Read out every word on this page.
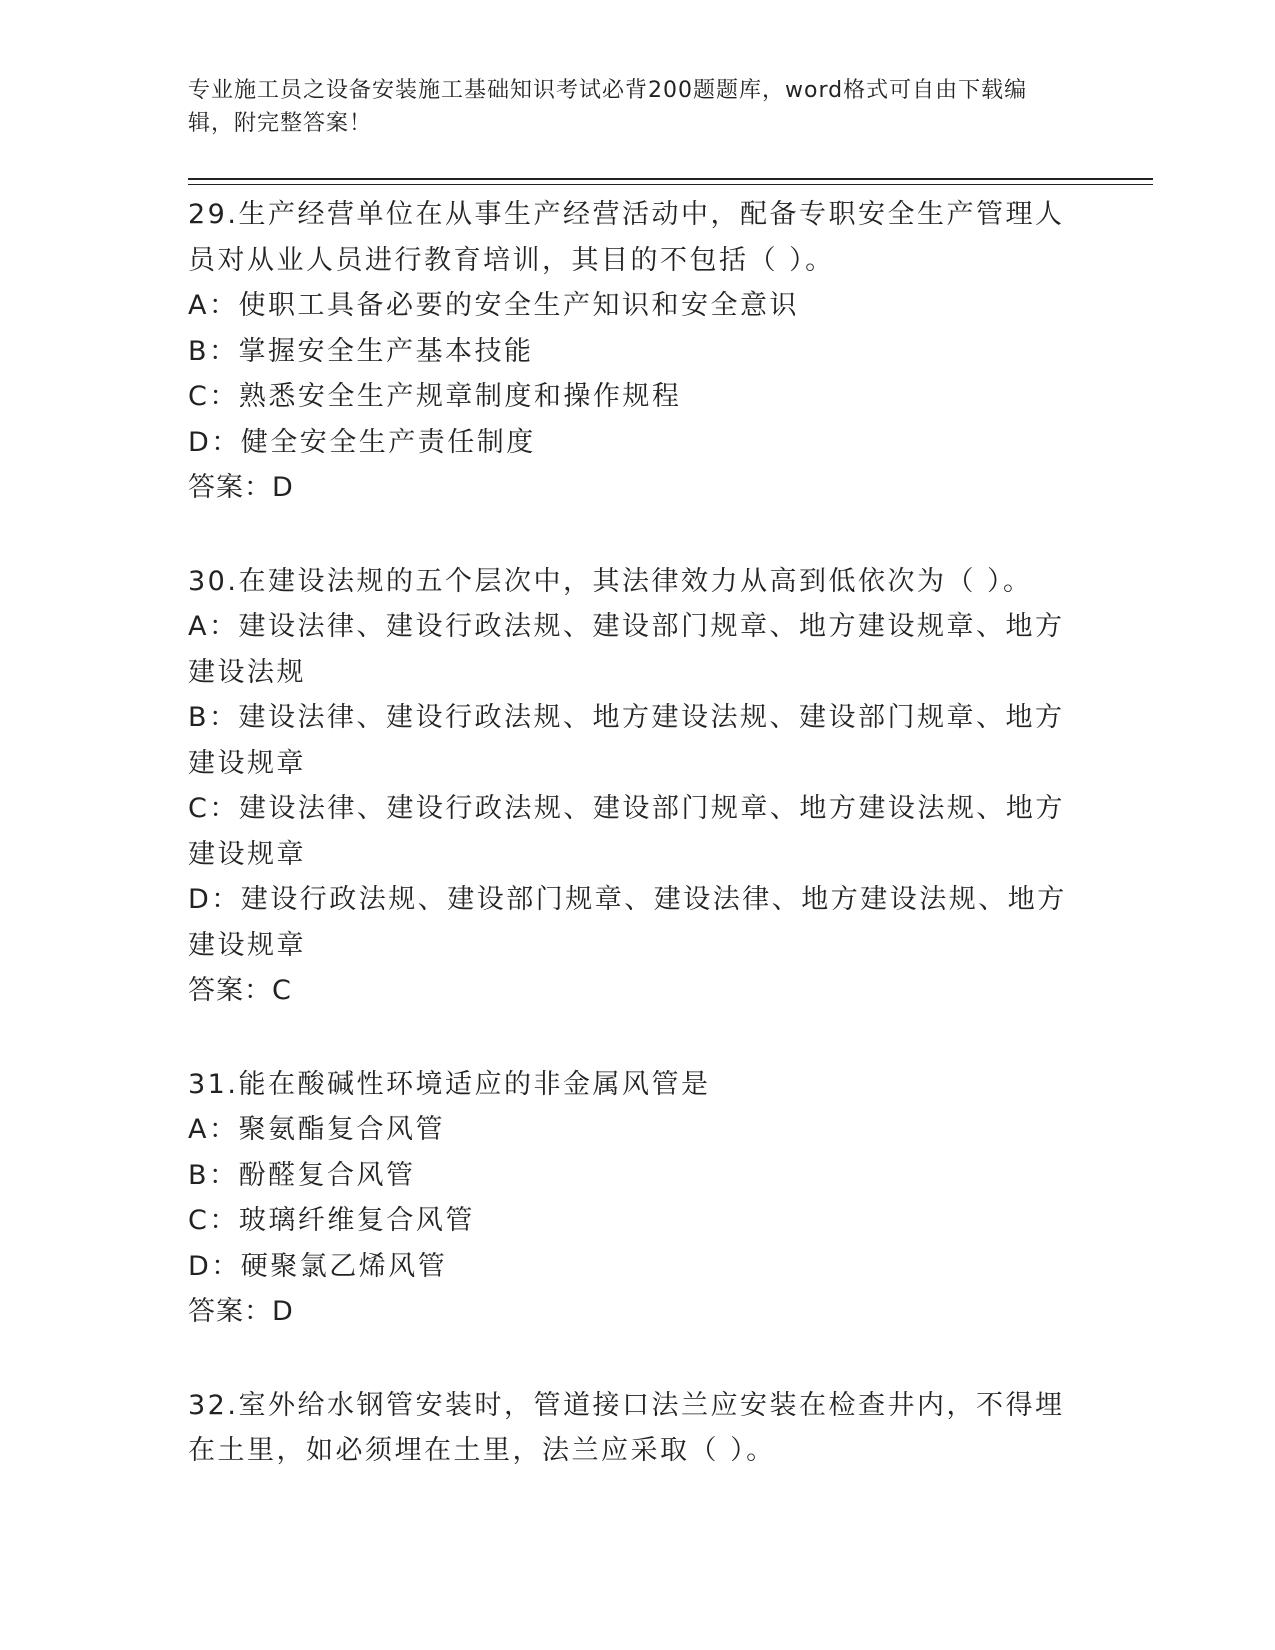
专业施工员之设备安装施工基础知识考试必背200题题库，word格式可自由下载编辑，附完整答案！
29.生产经营单位在从事生产经营活动中，配备专职安全生产管理人员对从业人员进行教育培训，其目的不包括（ ）。
A：使职工具备必要的安全生产知识和安全意识
B：掌握安全生产基本技能
C：熟悉安全生产规章制度和操作规程
D：健全安全生产责任制度
答案：D
30.在建设法规的五个层次中，其法律效力从高到低依次为（ ）。
A：建设法律、建设行政法规、建设部门规章、地方建设规章、地方建设法规
B：建设法律、建设行政法规、地方建设法规、建设部门规章、地方建设规章
C：建设法律、建设行政法规、建设部门规章、地方建设法规、地方建设规章
D：建设行政法规、建设部门规章、建设法律、地方建设法规、地方建设规章
答案：C
31.能在酸碱性环境适应的非金属风管是
A：聚氨酯复合风管
B：酚醛复合风管
C：玻璃纤维复合风管
D：硬聚氯乙烯风管
答案：D
32.室外给水钢管安装时，管道接口法兰应安装在检查井内，不得埋在土里，如必须埋在土里，法兰应采取（ ）。
